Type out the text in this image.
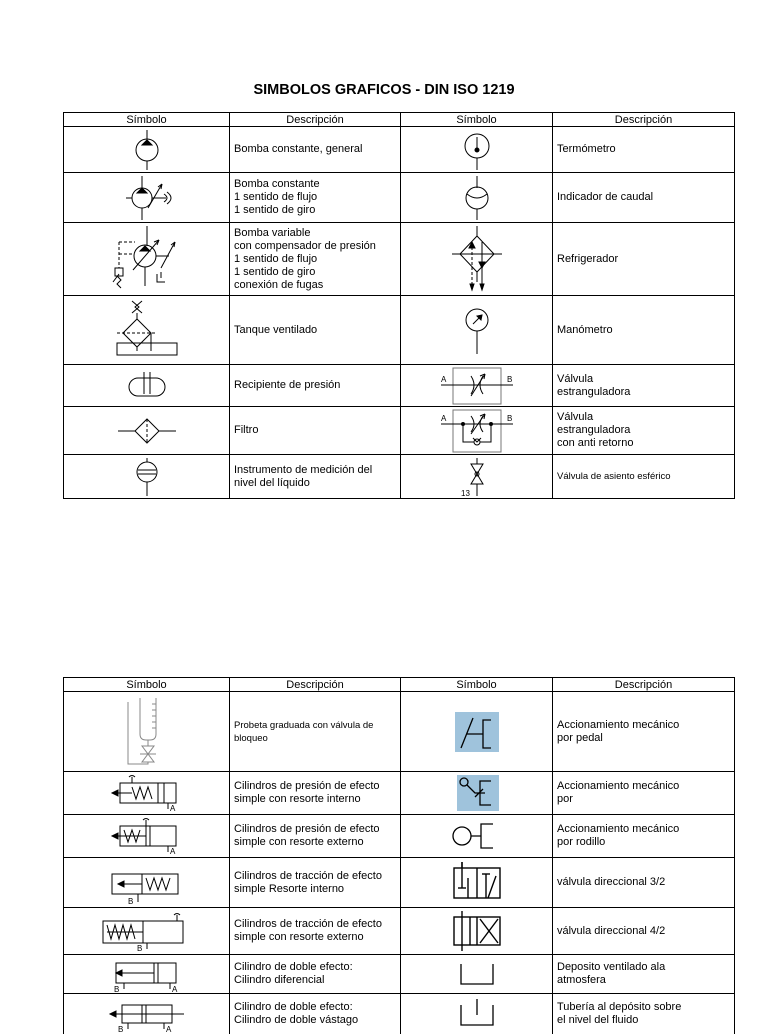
SIMBOLOS GRAFICOS - DIN ISO 1219
Símbolo	Descripción	Símbolo	Descripción

	Bomba constante, general		Termómetro

	Bomba constante
1 sentido de flujo
1 sentido de giro		Indicador de caudal

	Bomba variable
con compensador de presión
1 sentido de flujo
1 sentido de giro
conexión de fugas		Refrigerador

	Tanque ventilado		Manómetro

	Recipiente de presión	A B	Válvula
estranguladora

	Filtro	A B	Válvula
estranguladora
con anti retorno

	Instrumento de medición del
nivel del líquido	13	Válvula de asiento esférico
Símbolo	Descripción	Símbolo	Descripción

	Probeta graduada con válvula de
bloqueo		Accionamiento mecánico
por pedal

A	Cilindros de presión de efecto
simple con resorte interno		Accionamiento mecánico
por

A	Cilindros de presión de efecto
simple con resorte externo		Accionamiento mecánico
por rodillo

B	Cilindros de tracción de efecto
simple Resorte interno		válvula direccional 3/2

B	Cilindros de tracción de efecto
simple con resorte externo		válvula direccional 4/2

B A	Cilindro de doble efecto:
Cilindro diferencial		Deposito ventilado ala
atmosfera

B A	Cilindro de doble efecto:
Cilindro de doble vástago		Tubería al depósito sobre
el nivel del fluido
